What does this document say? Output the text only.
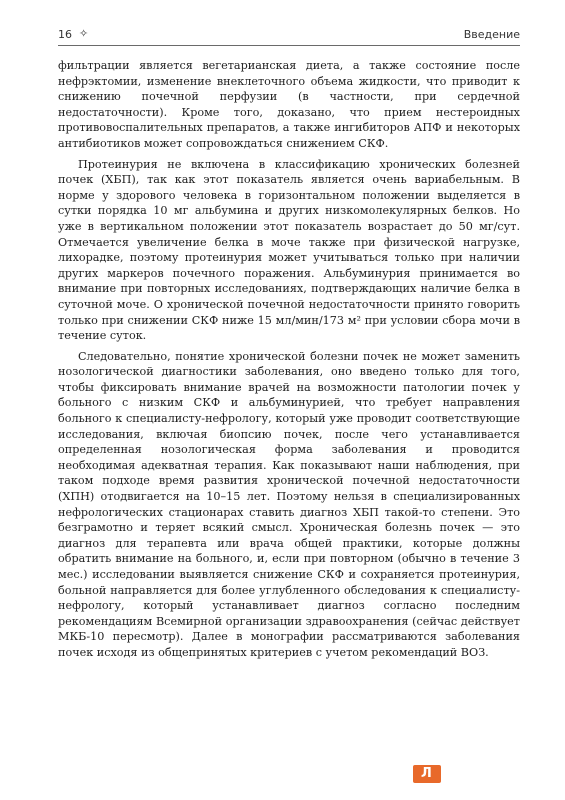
16 ✧	Введение

фильтрации является вегетарианская диета, а также состояние после нефрэктомии, изменение внеклеточного объема жидкости, что приводит к снижению почечной перфузии (в частности, при сердечной недостаточности). Кроме того, доказано, что прием нестероидных противовоспалительных препаратов, а также ингибиторов АПФ и некоторых антибиотиков может сопровождаться снижением СКФ.

Протеинурия не включена в классификацию хронических болезней почек (ХБП), так как этот показатель является очень вариабельным. В норме у здорового человека в горизонтальном положении выделяется в сутки порядка 10 мг альбумина и других низкомолекулярных белков. Но уже в вертикальном положении этот показатель возрастает до 50 мг/сут. Отмечается увеличение белка в моче также при физической нагрузке, лихорадке, поэтому протеинурия может учитываться только при наличии других маркеров почечного поражения. Альбуминурия принимается во внимание при повторных исследованиях, подтверждающих наличие белка в суточной моче. О хронической почечной недостаточности принято говорить только при снижении СКФ ниже 15 мл/мин/173 м² при условии сбора мочи в течение суток.

Следовательно, понятие хронической болезни почек не может заменить нозологической диагностики заболевания, оно введено только для того, чтобы фиксировать внимание врачей на возможности патологии почек у больного с низким СКФ и альбуминурией, что требует направления больного к специалисту-нефрологу, который уже проводит соответствующие исследования, включая биопсию почек, после чего устанавливается определенная нозологическая форма заболевания и проводится необходимая адекватная терапия. Как показывают наши наблюдения, при таком подходе время развития хронической почечной недостаточности (ХПН) отодвигается на 10–15 лет. Поэтому нельзя в специализированных нефрологических стационарах ставить диагноз ХБП такой-то степени. Это безграмотно и теряет всякий смысл. Хроническая болезнь почек — это диагноз для терапевта или врача общей практики, которые должны обратить внимание на больного, и, если при повторном (обычно в течение 3 мес.) исследовании выявляется снижение СКФ и сохраняется протеинурия, больной направляется для более углубленного обследования к специалисту-нефрологу, который устанавливает диагноз согласно последним рекомендациям Всемирной организации здравоохранения (сейчас действует МКБ-10 пересмотр). Далее в монографии рассматриваются заболевания почек исходя из общепринятых критериев с учетом рекомендаций ВОЗ.

Л
